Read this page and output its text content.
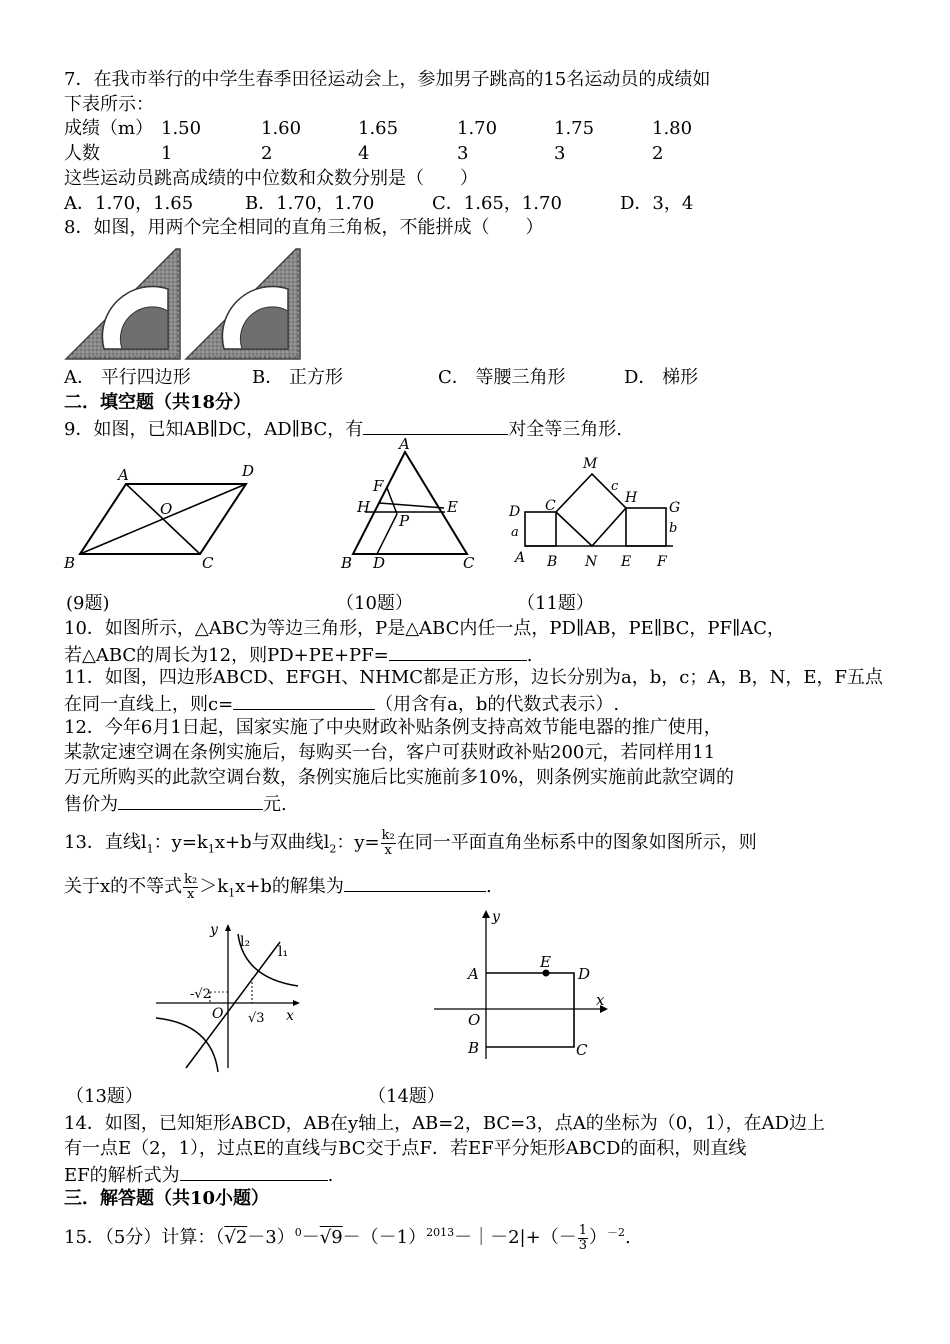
7．在我市举行的中学生春季田径运动会上，参加男子跳高的15名运动员的成绩如
下表所示：
成绩（m） 1.50	1.60	1.65	1.70	1.75	1.80
人数	1	2	4	3	3	2
这些运动员跳高成绩的中位数和众数分别是（　　）
A．1.70，1.65	B．1.70，1.70	C．1.65，1.70	D．3，4
8．如图，用两个完全相同的直角三角板，不能拼成（　　）
A． 平行四边形	B． 正方形	C． 等腰三角形	D． 梯形
二．填空题（共18分）
9．如图，已知AB∥DC，AD∥BC，有	对全等三角形.
A	D
O
B	C
A
F
H	E
P
B D	C
M
c
H
G
D C
a	b
A B N E F
(9题)	（10题）	（11题）
10．如图所示，△ABC为等边三角形，P是△ABC内任一点，PD∥AB，PE∥BC，PF∥AC，
若△ABC的周长为12，则PD+PE+PF=	.
11．如图，四边形ABCD、EFGH、NHMC都是正方形，边长分别为a，b，c；A，B，N，E，F五点
在同一直线上，则c=	（用含有a，b的代数式表示）.
12．今年6月1日起，国家实施了中央财政补贴条例支持高效节能电器的推广使用，
某款定速空调在条例实施后，每购买一台，客户可获财政补贴200元，若同样用11
万元所购买的此款空调台数，条例实施后比实施前多10%，则条例实施前此款空调的
售价为	元.
13．直线$l_1$：$y=k_1x+b$与双曲线$l_2$：$y= \frac{\text{k₂}}{x}$ 在同一平面直角坐标系中的图象如图所示，则
关于x的不等式 $\frac{\text{k₂}}{x} >k_1x+b$的解集为	.
y
l₂
l₁
-√2
O √3 x
y
A
E
D
x
O
B	C
（13题）	（14题）
14．如图，已知矩形ABCD，AB在y轴上，AB=2，BC=3，点A的坐标为（0，1），在AD边上
有一点E（2，1），过点E的直线与BC交于点F．若EF平分矩形ABCD的面积，则直线
EF的解析式为	.
三．解答题（共10小题）
15．（5分）计算：$(√2-3)^0-√9-(-1)^{2013}-|-2|+(- \frac{1}{3} )^{-2}$.
